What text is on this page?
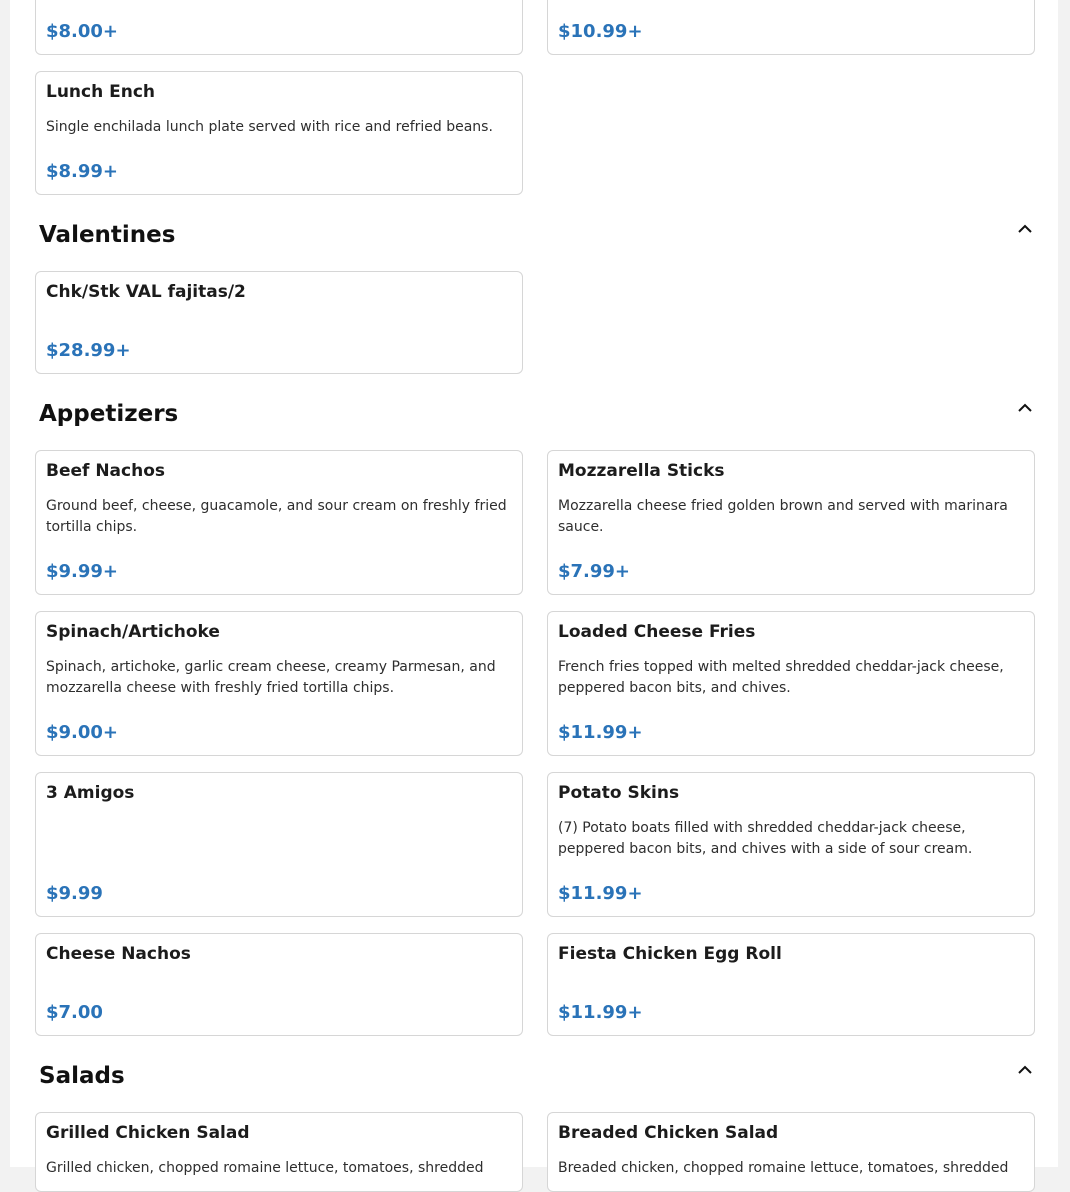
$8.00+	$10.99+
Lunch Ench
Single enchilada lunch plate served with rice and refried beans.
$8.99+
Valentines
Chk/Stk VAL fajitas/2
$28.99+
Appetizers
Beef Nachos
Ground beef, cheese, guacamole, and sour cream on freshly fried tortilla chips.
$9.99+
Mozzarella Sticks
Mozzarella cheese fried golden brown and served with marinara sauce.
$7.99+
Spinach/Artichoke
Spinach, artichoke, garlic cream cheese, creamy Parmesan, and mozzarella cheese with freshly fried tortilla chips.
$9.00+
Loaded Cheese Fries
French fries topped with melted shredded cheddar-jack cheese, peppered bacon bits, and chives.
$11.99+
3 Amigos
$9.99
Potato Skins
(7) Potato boats filled with shredded cheddar-jack cheese, peppered bacon bits, and chives with a side of sour cream.
$11.99+
Cheese Nachos
$7.00
Fiesta Chicken Egg Roll
$11.99+
Salads
Grilled Chicken Salad
Grilled chicken, chopped romaine lettuce, tomatoes, shredded
Breaded Chicken Salad
Breaded chicken, chopped romaine lettuce, tomatoes, shredded
